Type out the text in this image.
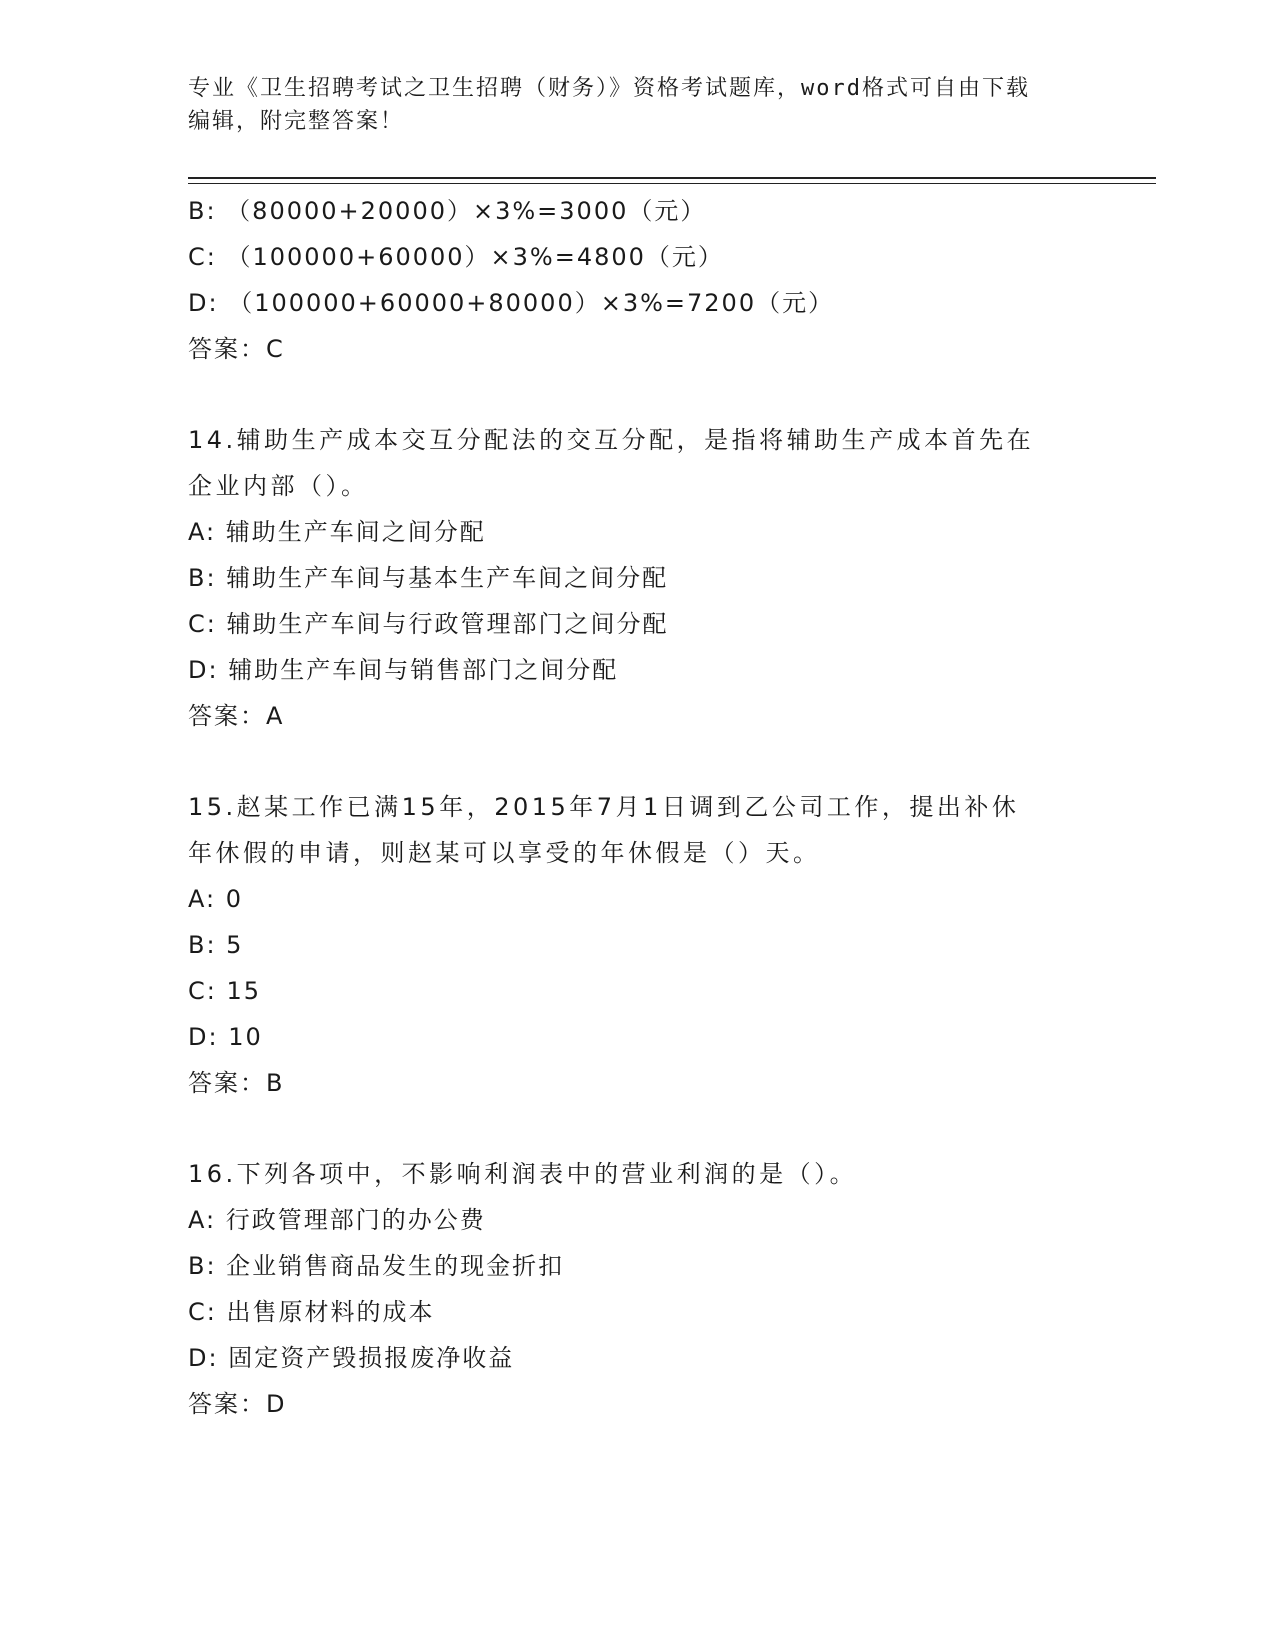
专业《卫生招聘考试之卫生招聘（财务）》资格考试题库，word格式可自由下载
编辑，附完整答案！
B: （80000+20000）×3%=3000（元）
C: （100000+60000）×3%=4800（元）
D: （100000+60000+80000）×3%=7200（元）
答案：C
14.辅助生产成本交互分配法的交互分配，是指将辅助生产成本首先在
企业内部（）。
A: 辅助生产车间之间分配
B: 辅助生产车间与基本生产车间之间分配
C: 辅助生产车间与行政管理部门之间分配
D: 辅助生产车间与销售部门之间分配
答案：A
15.赵某工作已满15年，2015年7月1日调到乙公司工作，提出补休
年休假的申请，则赵某可以享受的年休假是（）天。
A: 0
B: 5
C: 15
D: 10
答案：B
16.下列各项中，不影响利润表中的营业利润的是（）。
A: 行政管理部门的办公费
B: 企业销售商品发生的现金折扣
C: 出售原材料的成本
D: 固定资产毁损报废净收益
答案：D
